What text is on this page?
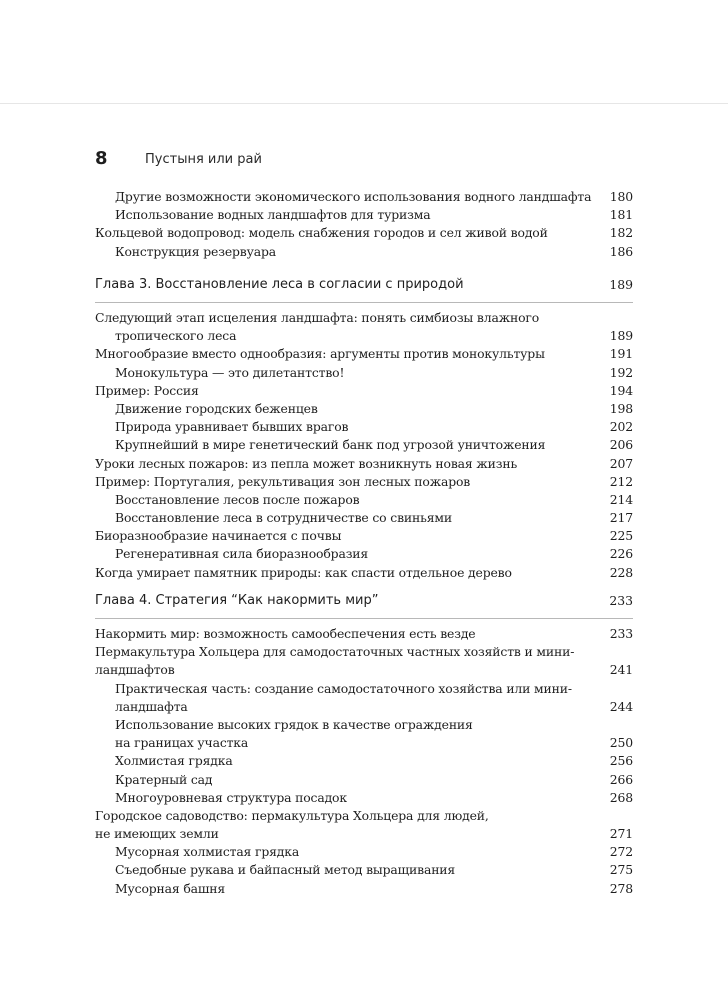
8	Пустыня или рай
Другие возможности экономического использования водного ландшафта 180
Использование водных ландшафтов для туризма	181
Кольцевой водопровод: модель снабжения городов и сел живой водой	182
Конструкция резервуара	186
Глава 3. Восстановление леса в согласии с природой	189
Следующий этап исцеления ландшафта: понять симбиозы влажного
тропического леса	189
Многообразие вместо однообразия: аргументы против монокультуры	191
Монокультура — это дилетантство!	192
Пример: Россия	194
Движение городских беженцев	198
Природа уравнивает бывших врагов	202
Крупнейший в мире генетический банк под угрозой уничтожения	206
Уроки лесных пожаров: из пепла может возникнуть новая жизнь	207
Пример: Португалия, рекультивация зон лесных пожаров	212
Восстановление лесов после пожаров	214
Восстановление леса в сотрудничестве со свиньями	217
Биоразнообразие начинается с почвы	225
Регенеративная сила биоразнообразия	226
Когда умирает памятник природы: как спасти отдельное дерево	228
Глава 4. Стратегия “Как накормить мир”	233
Накормить мир: возможность самообеспечения есть везде	233
Пермакультура Хольцера для самодостаточных частных хозяйств и мини-
ландшафтов	241
Практическая часть: создание самодостаточного хозяйства или мини-
ландшафта	244
Использование высоких грядок в качестве ограждения
на границах участка	250
Холмистая грядка	256
Кратерный сад	266
Многоуровневая структура посадок	268
Городское садоводство: пермакультура Хольцера для людей,
не имеющих земли	271
Мусорная холмистая грядка	272
Съедобные рукава и байпасный метод выращивания	275
Мусорная башня	278
